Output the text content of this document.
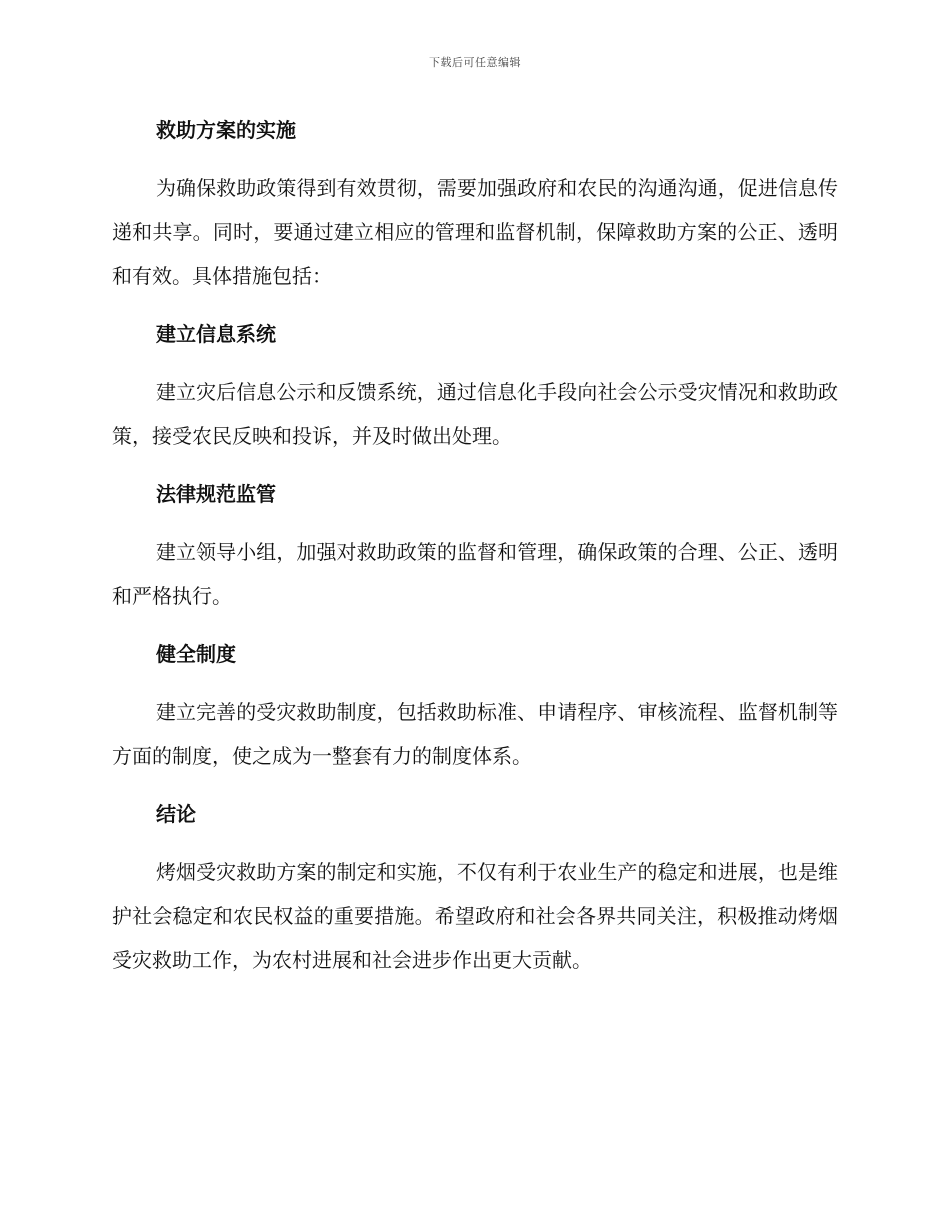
下载后可任意编辑
救助方案的实施

为确保救助政策得到有效贯彻，需要加强政府和农民的沟通沟通，促进信息传递和共享。同时，要通过建立相应的管理和监督机制，保障救助方案的公正、透明和有效。具体措施包括：

建立信息系统

建立灾后信息公示和反馈系统，通过信息化手段向社会公示受灾情况和救助政策，接受农民反映和投诉，并及时做出处理。

法律规范监管

建立领导小组，加强对救助政策的监督和管理，确保政策的合理、公正、透明和严格执行。

健全制度

建立完善的受灾救助制度，包括救助标准、申请程序、审核流程、监督机制等方面的制度，使之成为一整套有力的制度体系。

结论

烤烟受灾救助方案的制定和实施，不仅有利于农业生产的稳定和进展，也是维护社会稳定和农民权益的重要措施。希望政府和社会各界共同关注，积极推动烤烟受灾救助工作，为农村进展和社会进步作出更大贡献。
